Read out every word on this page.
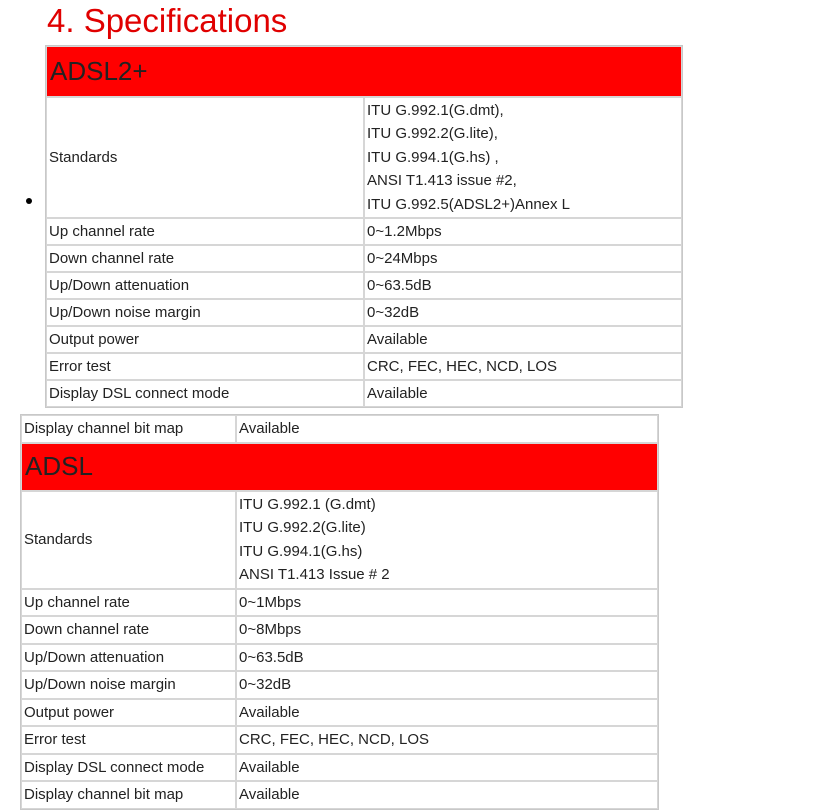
4. Specifications
ADSL2+	
Standards	ITU G.992.1(G.dmt),
ITU G.992.2(G.lite),
ITU G.994.1(G.hs) ,
ANSI T1.413 issue #2,
ITU G.992.5(ADSL2+)Annex L

Up channel rate	0~1.2Mbps
Down channel rate	0~24Mbps
Up/Down attenuation	0~63.5dB
Up/Down noise margin	0~32dB
Output power	Available
Error test	CRC, FEC, HEC, NCD, LOS
Display DSL connect mode	Available
Display channel bit map	Available
ADSL	
Standards	ITU G.992.1 (G.dmt)
ITU G.992.2(G.lite)
ITU G.994.1(G.hs)
ANSI T1.413 Issue # 2

Up channel rate	0~1Mbps
Down channel rate	0~8Mbps
Up/Down attenuation	0~63.5dB
Up/Down noise margin	0~32dB
Output power	Available
Error test	CRC, FEC, HEC, NCD, LOS
Display DSL connect mode	Available
Display channel bit map	Available
